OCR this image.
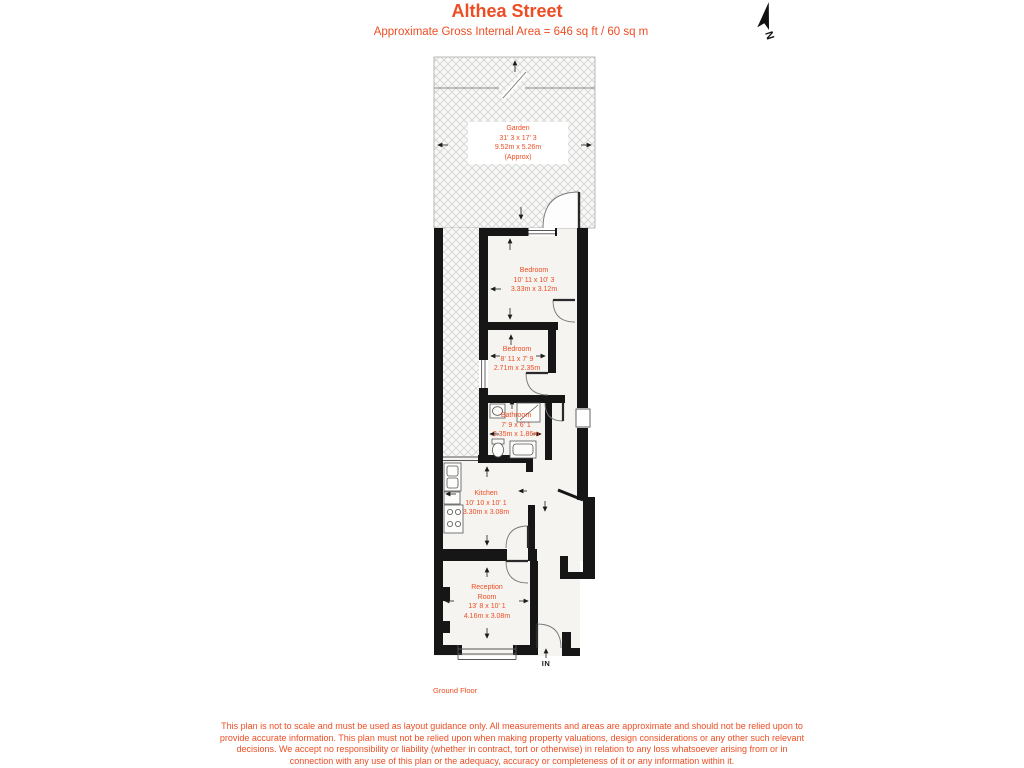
Althea Street
Approximate Gross Internal Area = 646 sq ft / 60 sq m	N
Garden
31' 3 x 17' 3
9.52m x 5.26m
(Approx)
Bedroom
10' 11 x 10' 3
3.33m x 3.12m
Bedroom
8' 11 x 7' 9
2.71m x 2.35m
Bathroom
7' 9 x 6' 1
2.35m x 1.86m
Kitchen
10' 10 x 10' 1
3.30m x 3.08m
Reception
Room
13' 8 x 10' 1
4.16m x 3.08m
IN
Ground Floor
This plan is not to scale and must be used as layout guidance only. All measurements and areas are approximate and should not be relied upon to
provide accurate information. This plan must not be relied upon when making property valuations, design considerations or any other such relevant
decisions. We accept no responsibility or liability (whether in contract, tort or otherwise) in relation to any loss whatsoever arising from or in
connection with any use of this plan or the adequacy, accuracy or completeness of it or any information within it.
